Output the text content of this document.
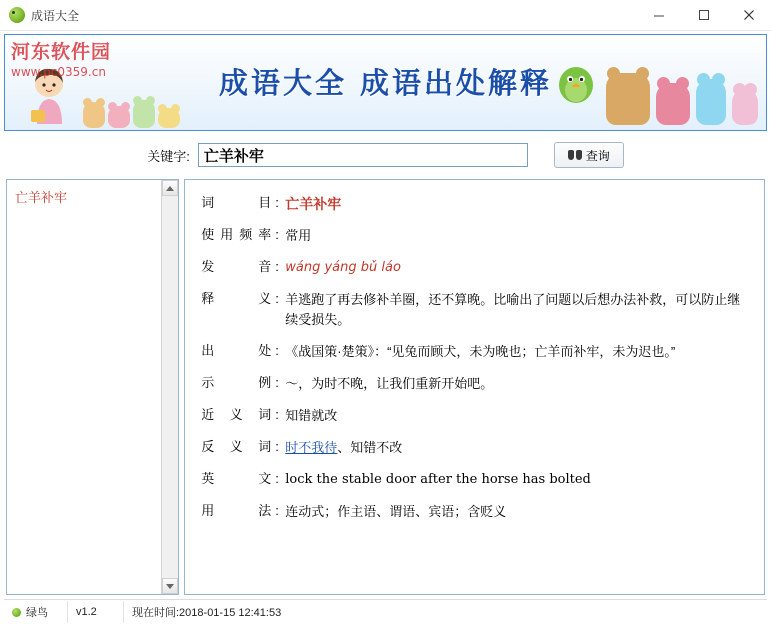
成语大全
成语大全 成语出处解释
河东软件园
www.pc0359.cn
关键字:
亡羊补牢	查询
亡羊补牢	词　　目 : 亡羊补牢
使用频率 : 常用
发　　音 : wáng yáng bǔ láo
释　　义 : 羊逃跑了再去修补羊圈，还不算晚。比喻出了问题以后想办法补救，可以防止继续受损失。
出　　处 : 《战国策·楚策》：“见兔而顾犬，未为晚也；亡羊而补牢，未为迟也。”
示　　例 : ～，为时不晚，让我们重新开始吧。
近 义 词 : 知错就改
反 义 词 : 时不我待、知错不改
英　　文 : lock the stable door after the horse has bolted
用　　法 : 连动式；作主语、谓语、宾语；含贬义
绿鸟	v1.2	现在时间:2018-01-15 12:41:53
